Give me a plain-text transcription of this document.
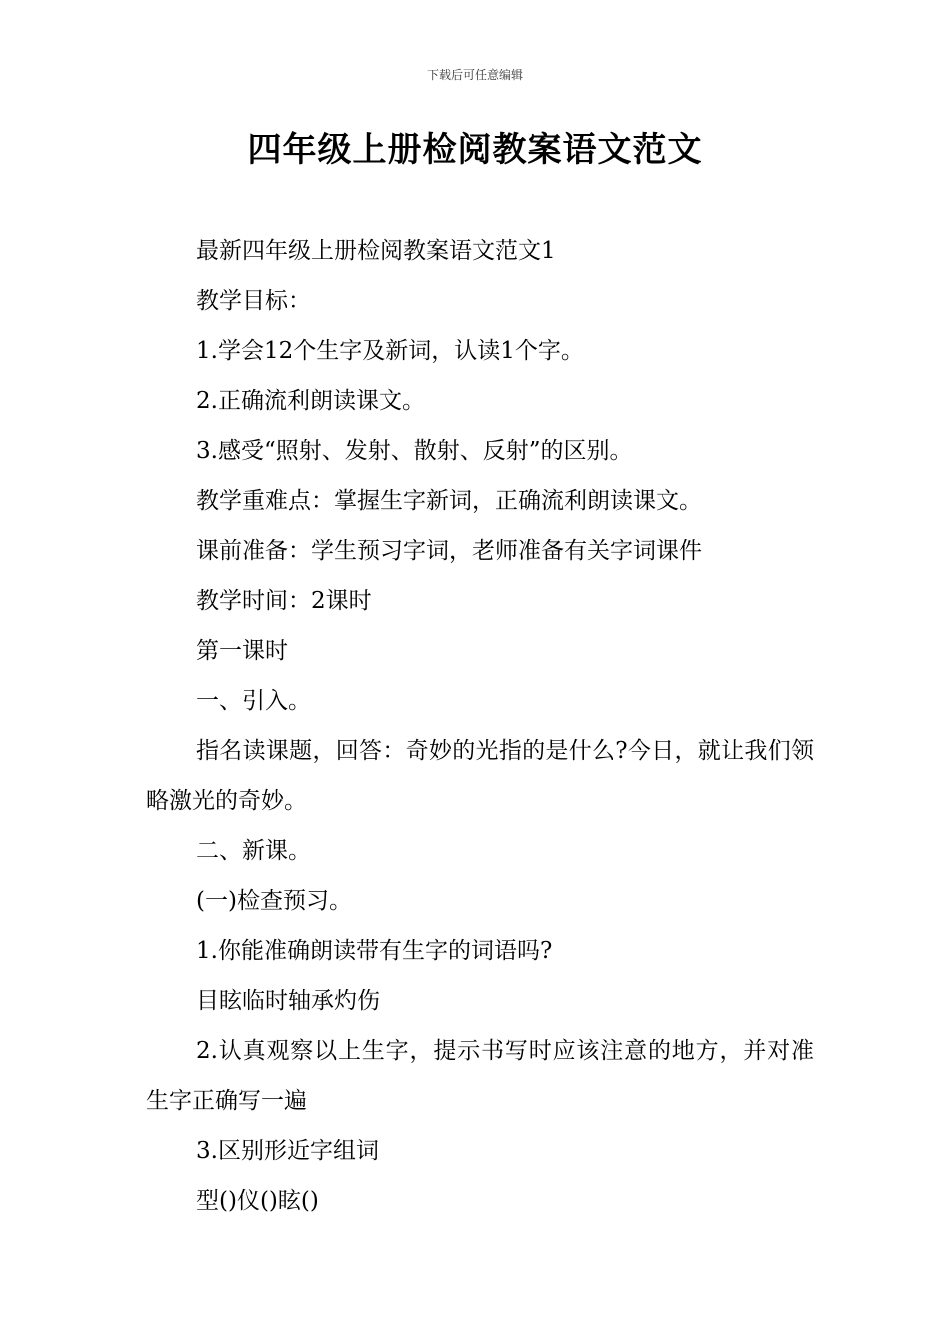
下载后可任意编辑
四年级上册检阅教案语文范文

最新四年级上册检阅教案语文范文1

教学目标：

1.学会12个生字及新词，认读1个字。

2.正确流利朗读课文。

3.感受“照射、发射、散射、反射”的区别。

教学重难点：掌握生字新词，正确流利朗读课文。

课前准备：学生预习字词，老师准备有关字词课件

教学时间：2课时

第一课时

一、引入。

指名读课题，回答：奇妙的光指的是什么?今日，就让我们领略激光的奇妙。

二、新课。

(一)检查预习。

1.你能准确朗读带有生字的词语吗?

目眩临时轴承灼伤

2.认真观察以上生字，提示书写时应该注意的地方，并对准生字正确写一遍

3.区别形近字组词

型()仪()眩()
